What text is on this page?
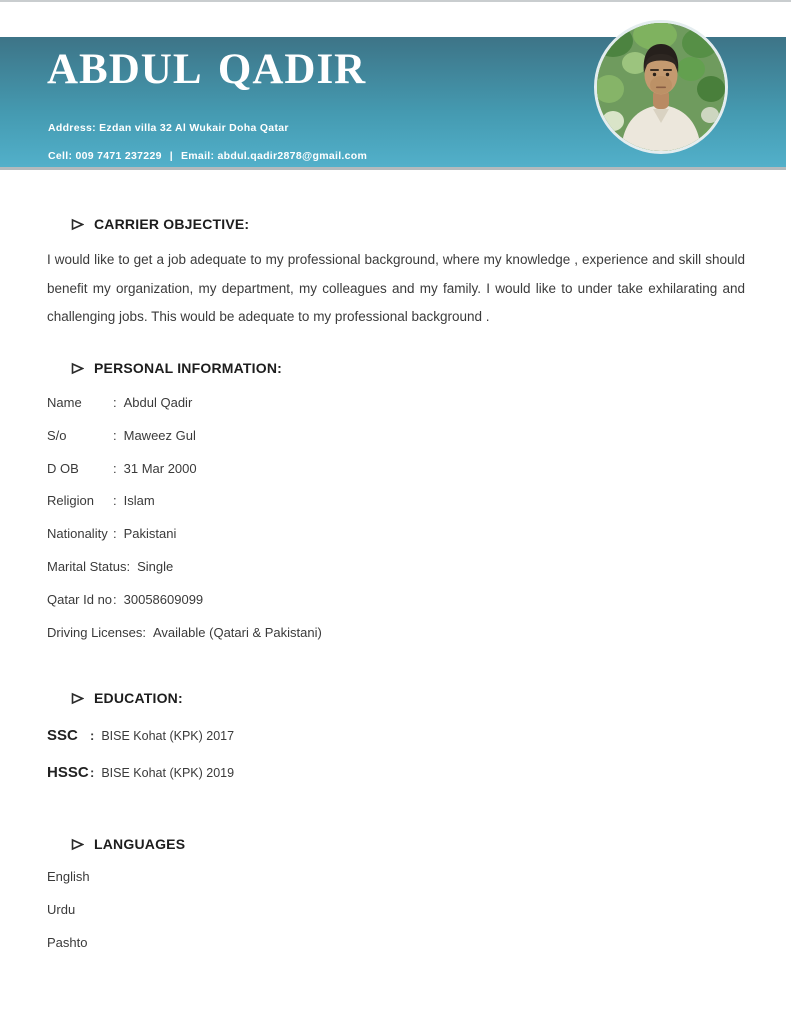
ABDUL QADIR
Address: Ezdan villa 32 Al Wukair Doha Qatar
Cell: 009 7471 237229 | Email: abdul.qadir2878@gmail.com
CARRIER OBJECTIVE:

I would like to get a job adequate to my professional background, where my knowledge , experience and skill should benefit my organization, my department, my colleagues and my family. I would like to under take exhilarating and challenging jobs. This would be adequate to my professional background .

PERSONAL INFORMATION:
Name	: Abdul Qadir
S/o	: Maweez Gul
D OB	: 31 Mar 2000
Religion	: Islam
Nationality : Pakistani
Marital Status : Single
Qatar Id no : 30058609099
Driving Licenses : Available (Qatari & Pakistani)
EDUCATION:
SSC : BISE Kohat (KPK) 2017
HSSC : BISE Kohat (KPK) 2019
LANGUAGES
English
Urdu
Pashto
